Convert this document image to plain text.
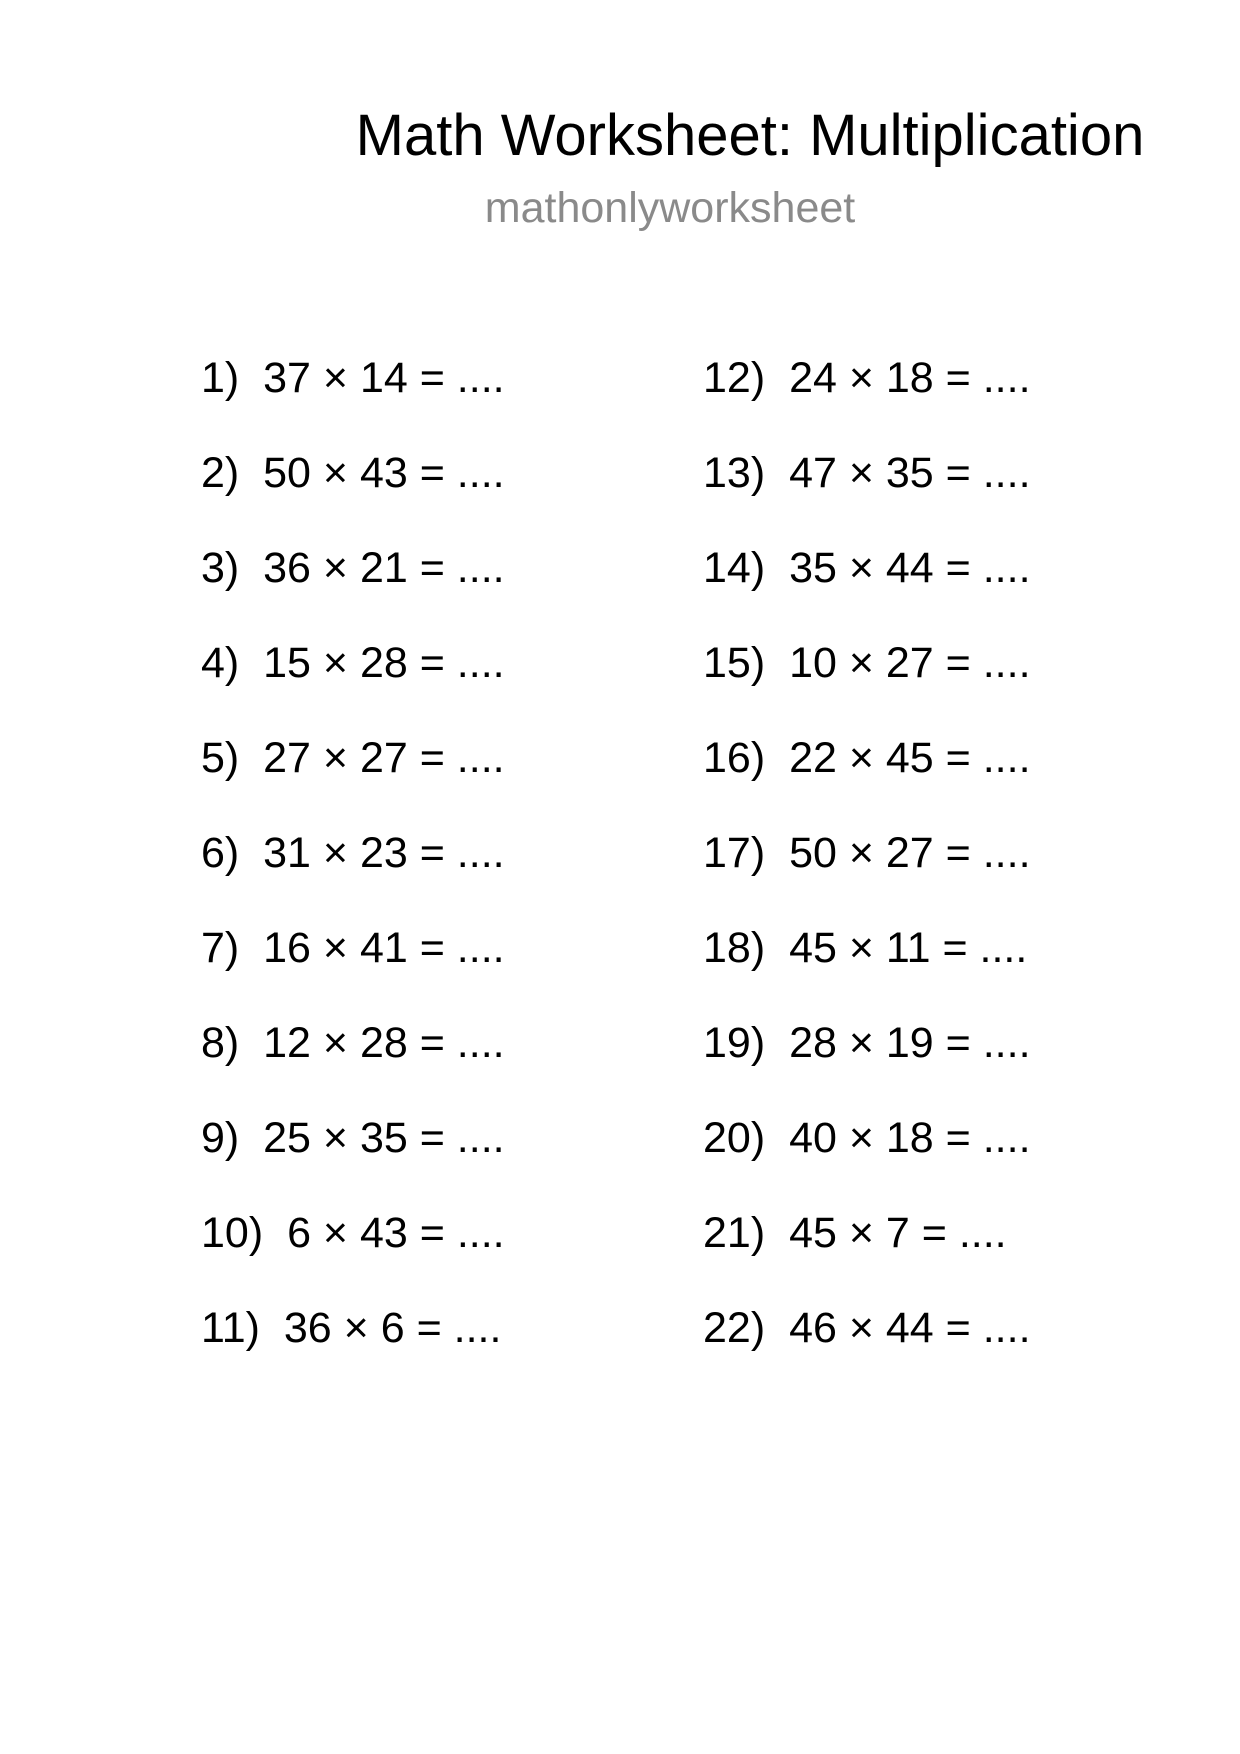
Math Worksheet: Multiplication
mathonlyworksheet
1) 37 × 14 = ....
2) 50 × 43 = ....
3) 36 × 21 = ....
4) 15 × 28 = ....
5) 27 × 27 = ....
6) 31 × 23 = ....
7) 16 × 41 = ....
8) 12 × 28 = ....
9) 25 × 35 = ....
10) 6 × 43 = ....
11) 36 × 6 = ....
12) 24 × 18 = ....
13) 47 × 35 = ....
14) 35 × 44 = ....
15) 10 × 27 = ....
16) 22 × 45 = ....
17) 50 × 27 = ....
18) 45 × 11 = ....
19) 28 × 19 = ....
20) 40 × 18 = ....
21) 45 × 7 = ....
22) 46 × 44 = ....
